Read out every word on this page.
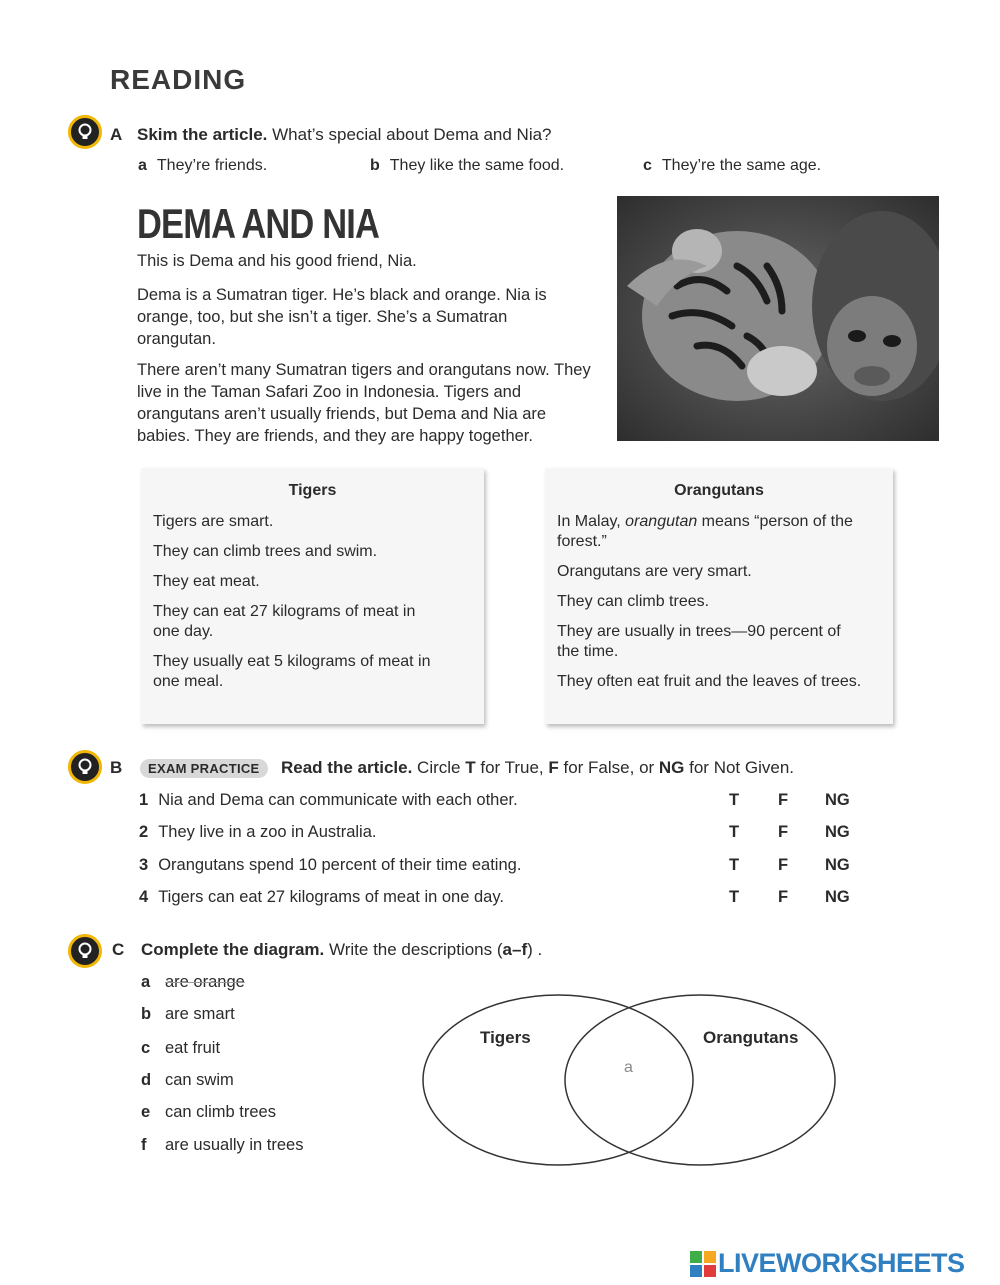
READING
A Skim the article. What’s special about Dema and Nia?
a They’re friends.	b They like the same food.	c They’re the same age.
DEMA AND NIA
This is Dema and his good friend, Nia.
Dema is a Sumatran tiger. He’s black and orange. Nia is orange, too, but she isn’t a tiger. She’s a Sumatran orangutan.
There aren’t many Sumatran tigers and orangutans now. They live in the Taman Safari Zoo in Indonesia. Tigers and orangutans aren’t usually friends, but Dema and Nia are babies. They are friends, and they are happy together.
Tigers

Tigers are smart.

They can climb trees and swim.

They eat meat.

They can eat 27 kilograms of meat in one day.

They usually eat 5 kilograms of meat in one meal.

Orangutans

In Malay, orangutan means “person of the forest.”

Orangutans are very smart.

They can climb trees.

They are usually in trees—90 percent of the time.

They often eat fruit and the leaves of trees.

B	EXAM PRACTICE	Read the article. Circle T for True, F for False, or NG for Not Given.
1 Nia and Dema can communicate with each other.	T F NG
2 They live in a zoo in Australia.	T F NG
3 Orangutans spend 10 percent of their time eating.	T F NG
4 Tigers can eat 27 kilograms of meat in one day.	T F NG
C Complete the diagram. Write the descriptions (a–f) .
a are orange
b are smart
c eat fruit
d can swim
e can climb trees
f are usually in trees
Tigers	Orangutans
a
LIVEWORKSHEETS
